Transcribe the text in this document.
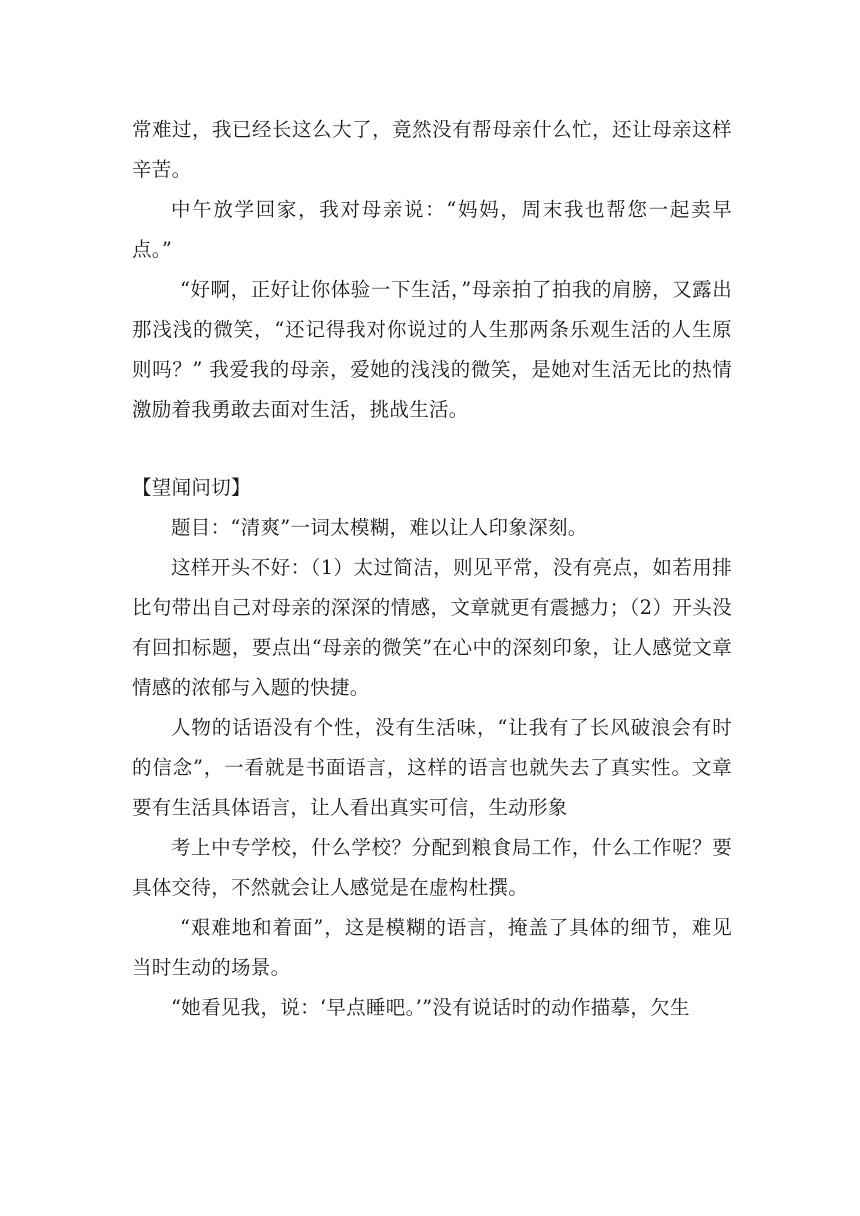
常难过，我已经长这么大了，竟然没有帮母亲什么忙，还让母亲这样辛苦。

中午放学回家，我对母亲说：“妈妈，周末我也帮您一起卖早点。”

“好啊，正好让你体验一下生活，”母亲拍了拍我的肩膀，又露出那浅浅的微笑，“还记得我对你说过的人生那两条乐观生活的人生原则吗？” 我爱我的母亲，爱她的浅浅的微笑，是她对生活无比的热情激励着我勇敢去面对生活，挑战生活。

【望闻问切】

题目：“清爽”一词太模糊，难以让人印象深刻。

这样开头不好：（1）太过简洁，则见平常，没有亮点，如若用排比句带出自己对母亲的深深的情感，文章就更有震撼力；（2）开头没有回扣标题，要点出“母亲的微笑”在心中的深刻印象，让人感觉文章情感的浓郁与入题的快捷。

人物的话语没有个性，没有生活味，“让我有了长风破浪会有时的信念”，一看就是书面语言，这样的语言也就失去了真实性。文章要有生活具体语言，让人看出真实可信，生动形象

考上中专学校，什么学校？分配到粮食局工作，什么工作呢？要具体交待，不然就会让人感觉是在虚构杜撰。

“艰难地和着面”，这是模糊的语言，掩盖了具体的细节，难见当时生动的场景。

“她看见我，说：‘早点睡吧。’”没有说话时的动作描摹，欠生
